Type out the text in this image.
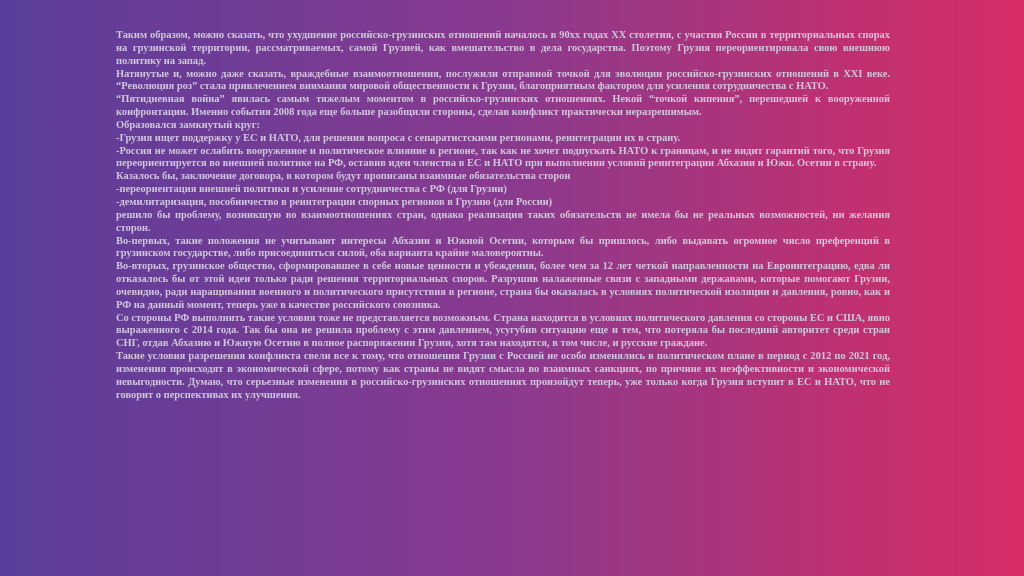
Таким образом, можно сказать, что ухудшение российско-грузинских отношений началось в 90хх годах XX столетия, с участия России в территориальных спорах на грузинской территории, рассматриваемых, самой Грузией, как вмешательство в дела государства. Поэтому Грузия переориентировала свою внешнюю политику на запад.

Натянутые и, можно даже сказать, враждебные взаимоотношения, послужили отправной точкой для эволюции российско-грузинских отношений в XXI веке. “Революция роз” стала привлечением внимания мировой общественности к Грузии, благоприятным фактором для усиления сотрудничества с НАТО.

“Пятидневная война” явилась самым тяжелым моментом в российско-грузинских отношениях. Некой “точкой кипения”, перешедшей к вооруженной конфронтации. Именно события 2008 года еще больше разобщили стороны, сделав конфликт практически неразрешимым.

Образовался замкнутый круг:

-Грузия ищет поддержку у ЕС и НАТО, для решения вопроса с сепаратистскими регионами, реинтеграции их в страну.

-Россия не может ослабить вооруженное и политическое влияние в регионе, так как не хочет подпускать НАТО к границам, и не видит гарантий того, что Грузия переориентируется во внешней политике на РФ, оставив идеи членства в ЕС и НАТО при выполнении условий реинтеграции Абхазии и Южн. Осетии в страну.

Казалось бы, заключение договора, в котором будут прописаны взаимные обязательства сторон

-переориентация внешней политики и усиление сотрудничества с РФ (для Грузии)

-демилитаризация, пособничество в реинтеграции спорных регионов в Грузию (для России)

решило бы проблему, возникшую во взаимоотношениях стран, однако реализация таких обязательств не имела бы не реальных возможностей, ни желания сторон.

Во-первых, такие положения не учитывают интересы Абхазии и Южной Осетии, которым бы пришлось, либо выдавать огромное число преференций в грузинском государстве, либо присоединиться силой, оба варианта крайне маловероятны.

Во-вторых, грузинское общество, сформировавшее в себе новые ценности и убеждения, более чем за 12 лет четкой направленности на Евроинтеграцию, едва ли отказалось бы от этой идеи только ради решения территориальных споров. Разрушив налаженные связи с западными державами, которые помогают Грузии, очевидно, ради наращивания военного и политического присутствия в регионе, страна бы оказалась в условиях политической изоляции и давления, ровно, как и РФ на данный момент, теперь уже в качестве российского союзника.

Со стороны РФ выполнить такие условия тоже не представляется возможным. Страна находится в условиях политического давления со стороны ЕС и США, явно выраженного с 2014 года. Так бы она не решила проблему с этим давлением, усугубив ситуацию еще и тем, что потеряла бы последний авторитет среди стран СНГ, отдав Абхазию и Южную Осетию в полное распоряжении Грузии, хотя там находятся, в том числе, и русские граждане.

Такие условия разрешения конфликта свели все к тому, что отношения Грузии с Россией не особо изменялись в политическом плане в период с 2012 по 2021 год, изменения происходят в экономической сфере, потому как страны не видят смысла во взаимных санкциях, по причине их неэффективности и экономической невыгодности. Думаю, что серьезные изменения в российско-грузинских отношениях произойдут теперь, уже только когда Грузия вступит в ЕС и НАТО, что не говорит о перспективах их улучшения.
